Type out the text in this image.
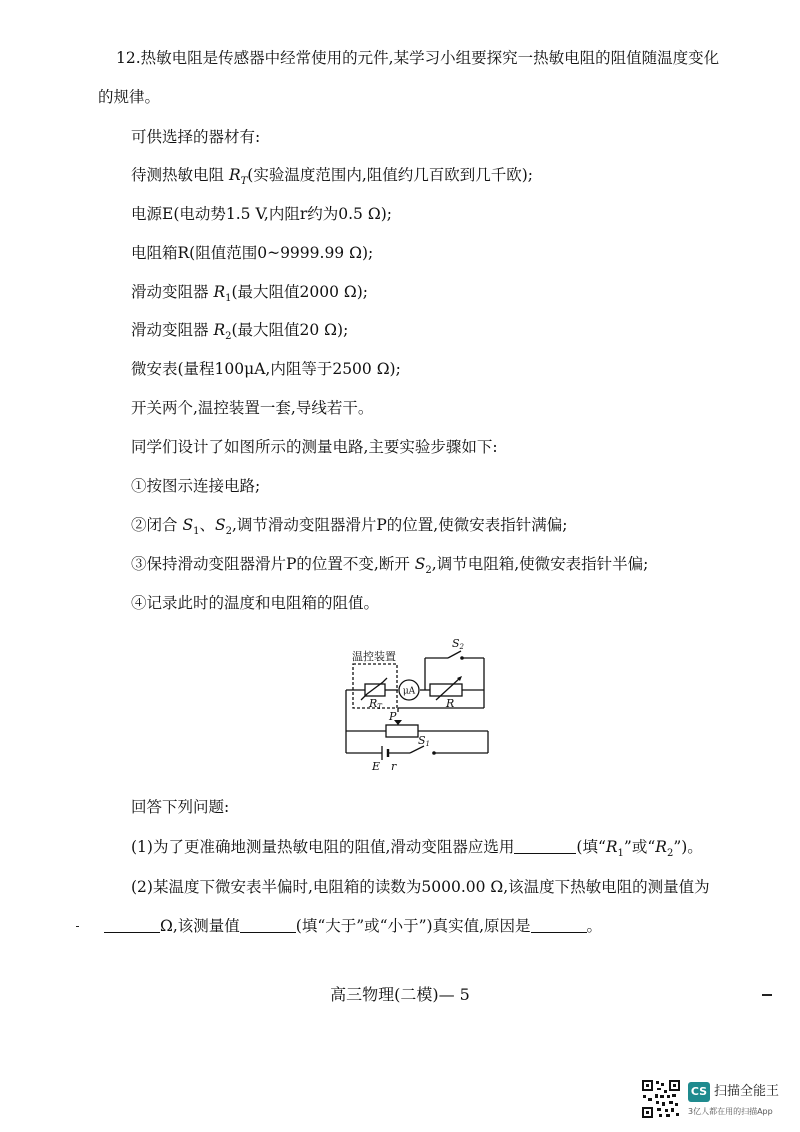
12.热敏电阻是传感器中经常使用的元件,某学习小组要探究一热敏电阻的阻值随温度变化
的规律。
可供选择的器材有:
待测热敏电阻 $R_T$(实验温度范围内,阻值约几百欧到几千欧);
电源E(电动势1.5 V,内阻r约为0.5 Ω);
电阻箱R(阻值范围0~9999.99 Ω);
滑动变阻器 $R_1$(最大阻值2000 Ω);
滑动变阻器 $R_2$(最大阻值20 Ω);
微安表(量程100μA,内阻等于2500 Ω);
开关两个,温控装置一套,导线若干。
同学们设计了如图所示的测量电路,主要实验步骤如下:
①按图示连接电路;
②闭合 $S_1$、$S_2$,调节滑动变阻器滑片P的位置,使微安表指针满偏;
③保持滑动变阻器滑片P的位置不变,断开 $S_2$,调节电阻箱,使微安表指针半偏;
④记录此时的温度和电阻箱的阻值。
温控装置
S2
μA
RT	R
P
S1
E r
回答下列问题:
(1)为了更准确地测量热敏电阻的阻值,滑动变阻器应选用	(填“$R_1$”或“$R_2$”)。
(2)某温度下微安表半偏时,电阻箱的读数为5000.00 Ω,该温度下热敏电阻的测量值为
Ω,该测量值	(填“大于”或“小于”)真实值,原因是	。
高三物理(二模)— 5
CS 扫描全能王
3亿人都在用的扫描App
